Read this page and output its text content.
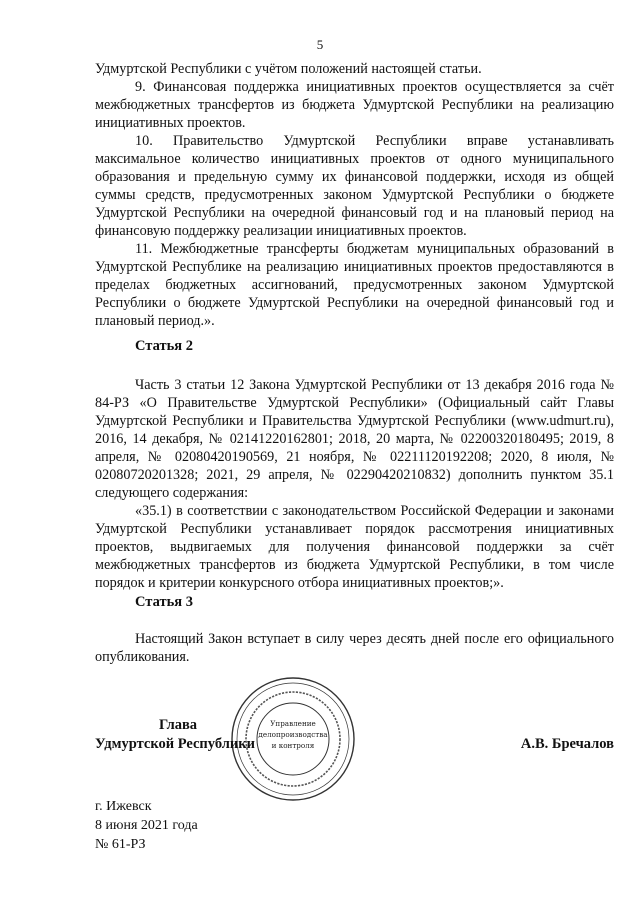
5

Удмуртской Республики с учётом положений настоящей статьи.

9. Финансовая поддержка инициативных проектов осуществляется за счёт межбюджетных трансфертов из бюджета Удмуртской Республики на реализацию инициативных проектов.

10. Правительство Удмуртской Республики вправе устанавливать максимальное количество инициативных проектов от одного муниципального образования и предельную сумму их финансовой поддержки, исходя из общей суммы средств, предусмотренных законом Удмуртской Республики о бюджете Удмуртской Республики на очередной финансовый год и на плановый период на финансовую поддержку реализации инициативных проектов.

11. Межбюджетные трансферты бюджетам муниципальных образований в Удмуртской Республике на реализацию инициативных проектов предоставляются в пределах бюджетных ассигнований, предусмотренных законом Удмуртской Республики о бюджете Удмуртской Республики на очередной финансовый год и плановый период.».

Статья 2

Часть 3 статьи 12 Закона Удмуртской Республики от 13 декабря 2016 года № 84-РЗ «О Правительстве Удмуртской Республики» (Официальный сайт Главы Удмуртской Республики и Правительства Удмуртской Республики (www.udmurt.ru), 2016, 14 декабря, № 02141220162801; 2018, 20 марта, № 02200320180495; 2019, 8 апреля, № 02080420190569, 21 ноября, № 02211120192208; 2020, 8 июля, № 02080720201328; 2021, 29 апреля, № 02290420210832) дополнить пунктом 35.1 следующего содержания:

«35.1) в соответствии с законодательством Российской Федерации и законами Удмуртской Республики устанавливает порядок рассмотрения инициативных проектов, выдвигаемых для получения финансовой поддержки за счёт межбюджетных трансфертов из бюджета Удмуртской Республики, в том числе порядок и критерии конкурсного отбора инициативных проектов;».

Статья 3

Настоящий Закон вступает в силу через десять дней после его официального опубликования.

Управление
делопроизводства
и контроля
Глава
Удмуртской Республики	А.В. Бречалов
г. Ижевск
8 июня 2021 года
№ 61-РЗ
